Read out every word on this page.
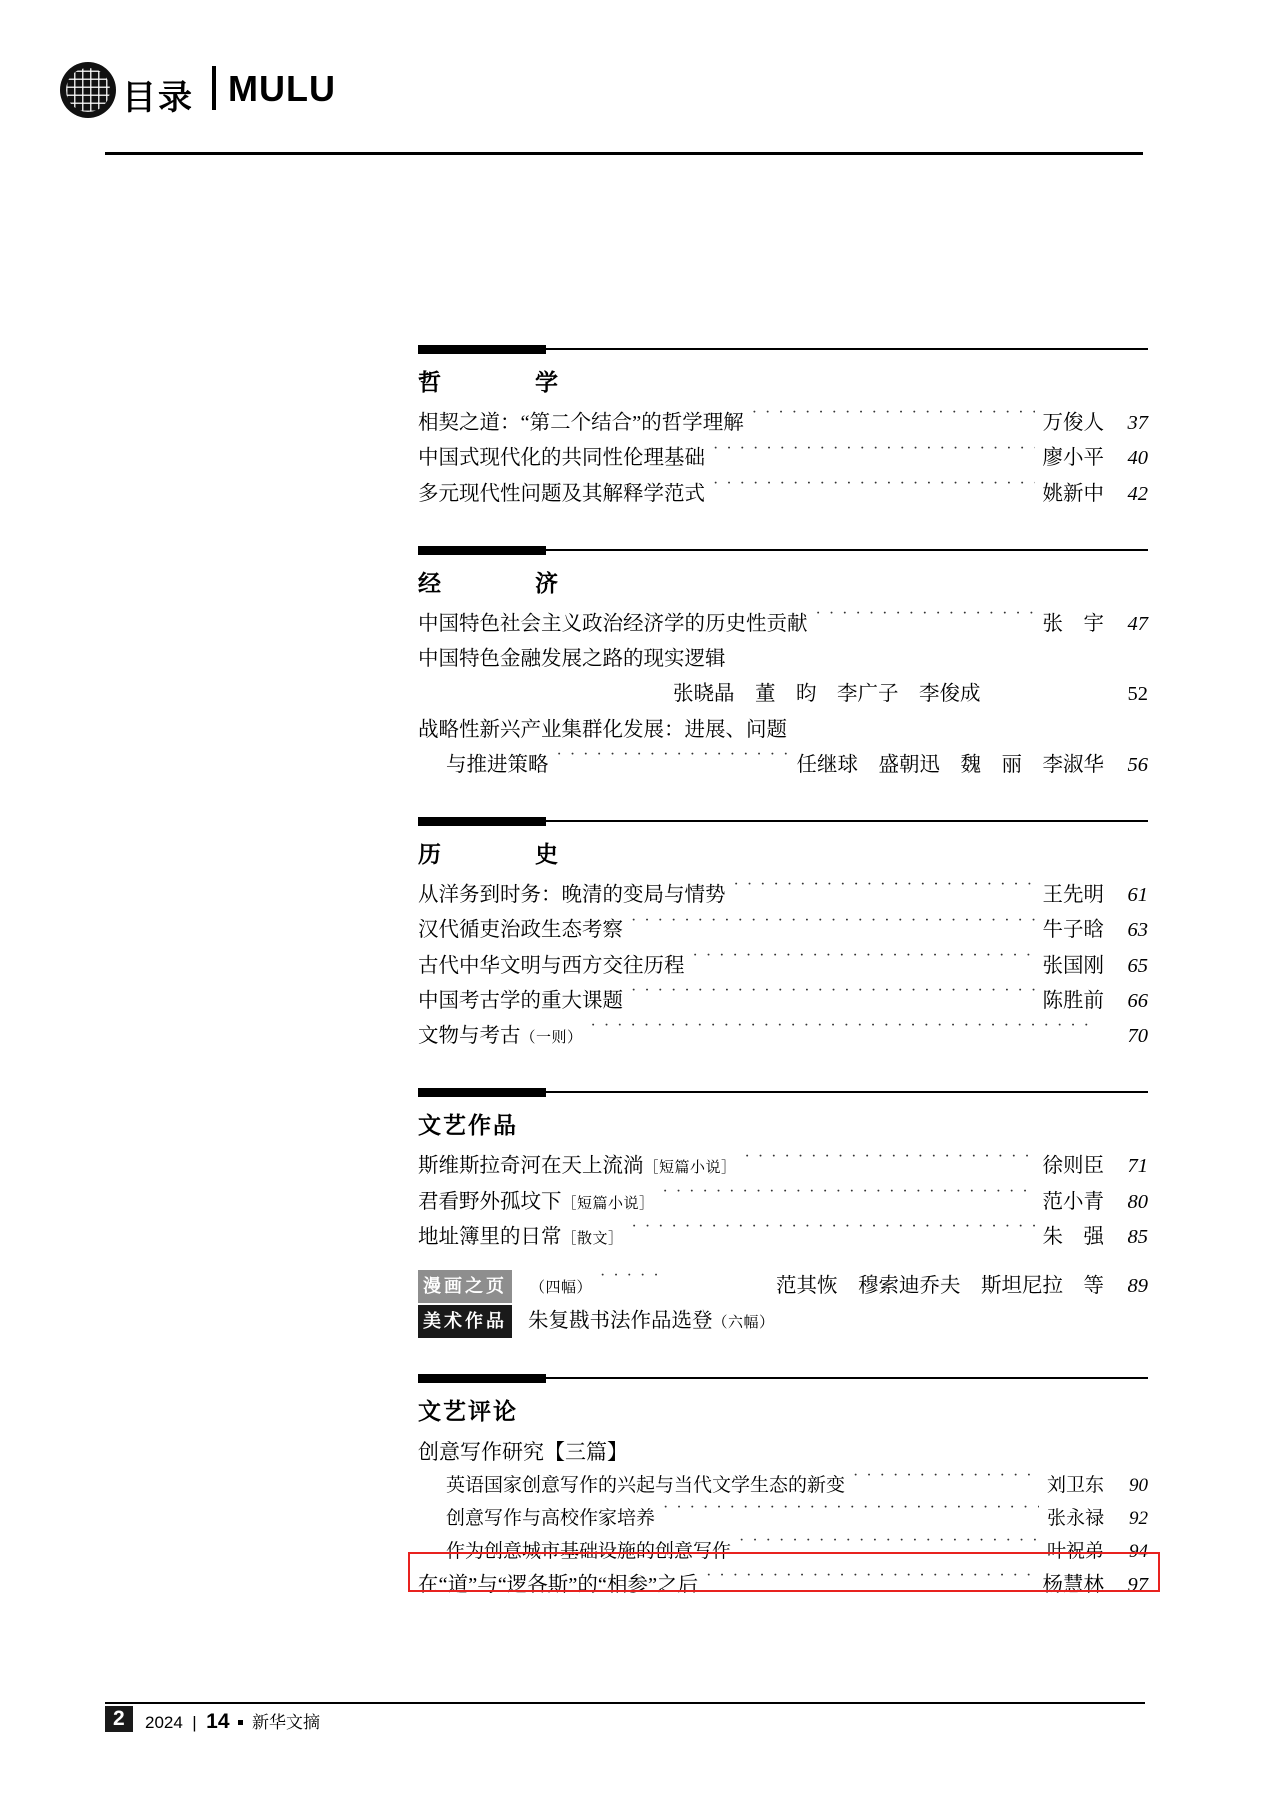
目录 MULU
哲　　学
相契之道：“第二个结合”的哲学理解 · · ·	万俊人	37
中国式现代化的共同性伦理基础 · · ·	廖小平	40
多元现代性问题及其解释学范式 · · ·	姚新中	42
经　　济
中国特色社会主义政治经济学的历史性贡献 · · ·	张　宇	47
中国特色金融发展之路的现实逻辑
张晓晶　董　昀　李广子　李俊成	52
战略性新兴产业集群化发展：进展、问题
与推进策略 · · ·	任继球　盛朝迅　魏　丽　李淑华	56
历　　史
从洋务到时务：晚清的变局与情势 · · ·	王先明	61
汉代循吏治政生态考察 · · ·	牛子晗	63
古代中华文明与西方交往历程 · · ·	张国刚	65
中国考古学的重大课题 · · ·	陈胜前	66
文物与考古 （一则） · · ·	70
文艺作品
斯维斯拉奇河在天上流淌 ［短篇小说］ · · ·	徐则臣	71
君看野外孤坟下 ［短篇小说］ · · ·	范小青	80
地址簿里的日常 ［散文］ · · ·	朱　强	85
漫画之页	（四幅） · · ·	范其恢　穆索迪乔夫　斯坦尼拉　等	89
美术作品 朱复戡书法作品选登 （六幅）
文艺评论
创意写作研究【三篇】
英语国家创意写作的兴起与当代文学生态的新变 · · ·	刘卫东	90
创意写作与高校作家培养 · · ·	张永禄	92
作为创意城市基础设施的创意写作 · · ·	叶祝弟	94
在“道”与“逻各斯”的“相参”之后 · · ·	杨慧林	97
2	2024  |  14 新华文摘
